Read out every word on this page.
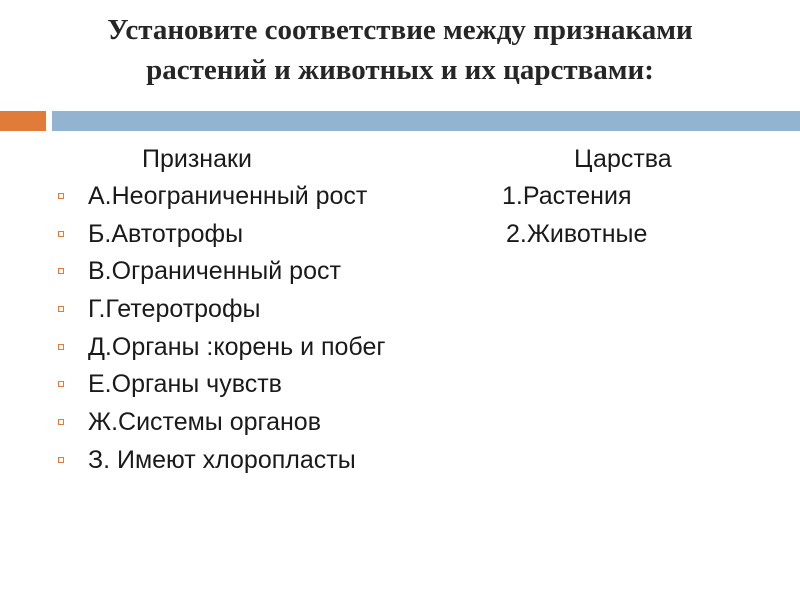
Установите соответствие между признаками
растений и животных и их царствами:
Признаки	Царства
А.Неограниченный рост
Б.Автотрофы
В.Ограниченный рост
Г.Гетеротрофы
Д.Органы :корень и побег
Е.Органы чувств
Ж.Системы органов
З. Имеют хлоропласты
1.Растения
2.Животные
